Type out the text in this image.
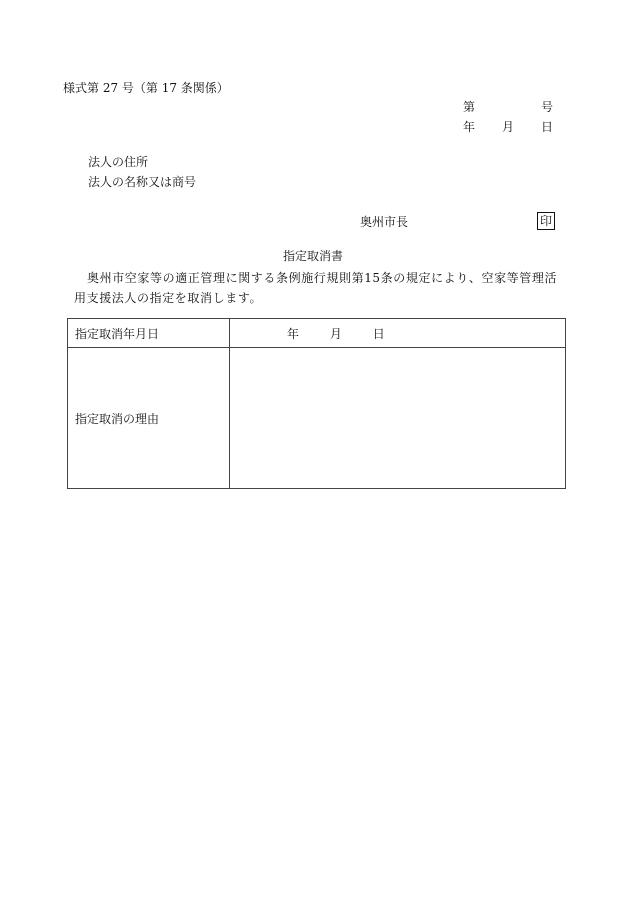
様式第 27 号（第 17 条関係）
第	号
年 月 日
法人の住所
法人の名称又は商号
奥州市長	印
指定取消書
奥州市空家等の適正管理に関する条例施行規則第15条の規定により、空家等管理活用支援法人の指定を取消します。
指定取消年月日	年 月 日
指定取消の理由	
